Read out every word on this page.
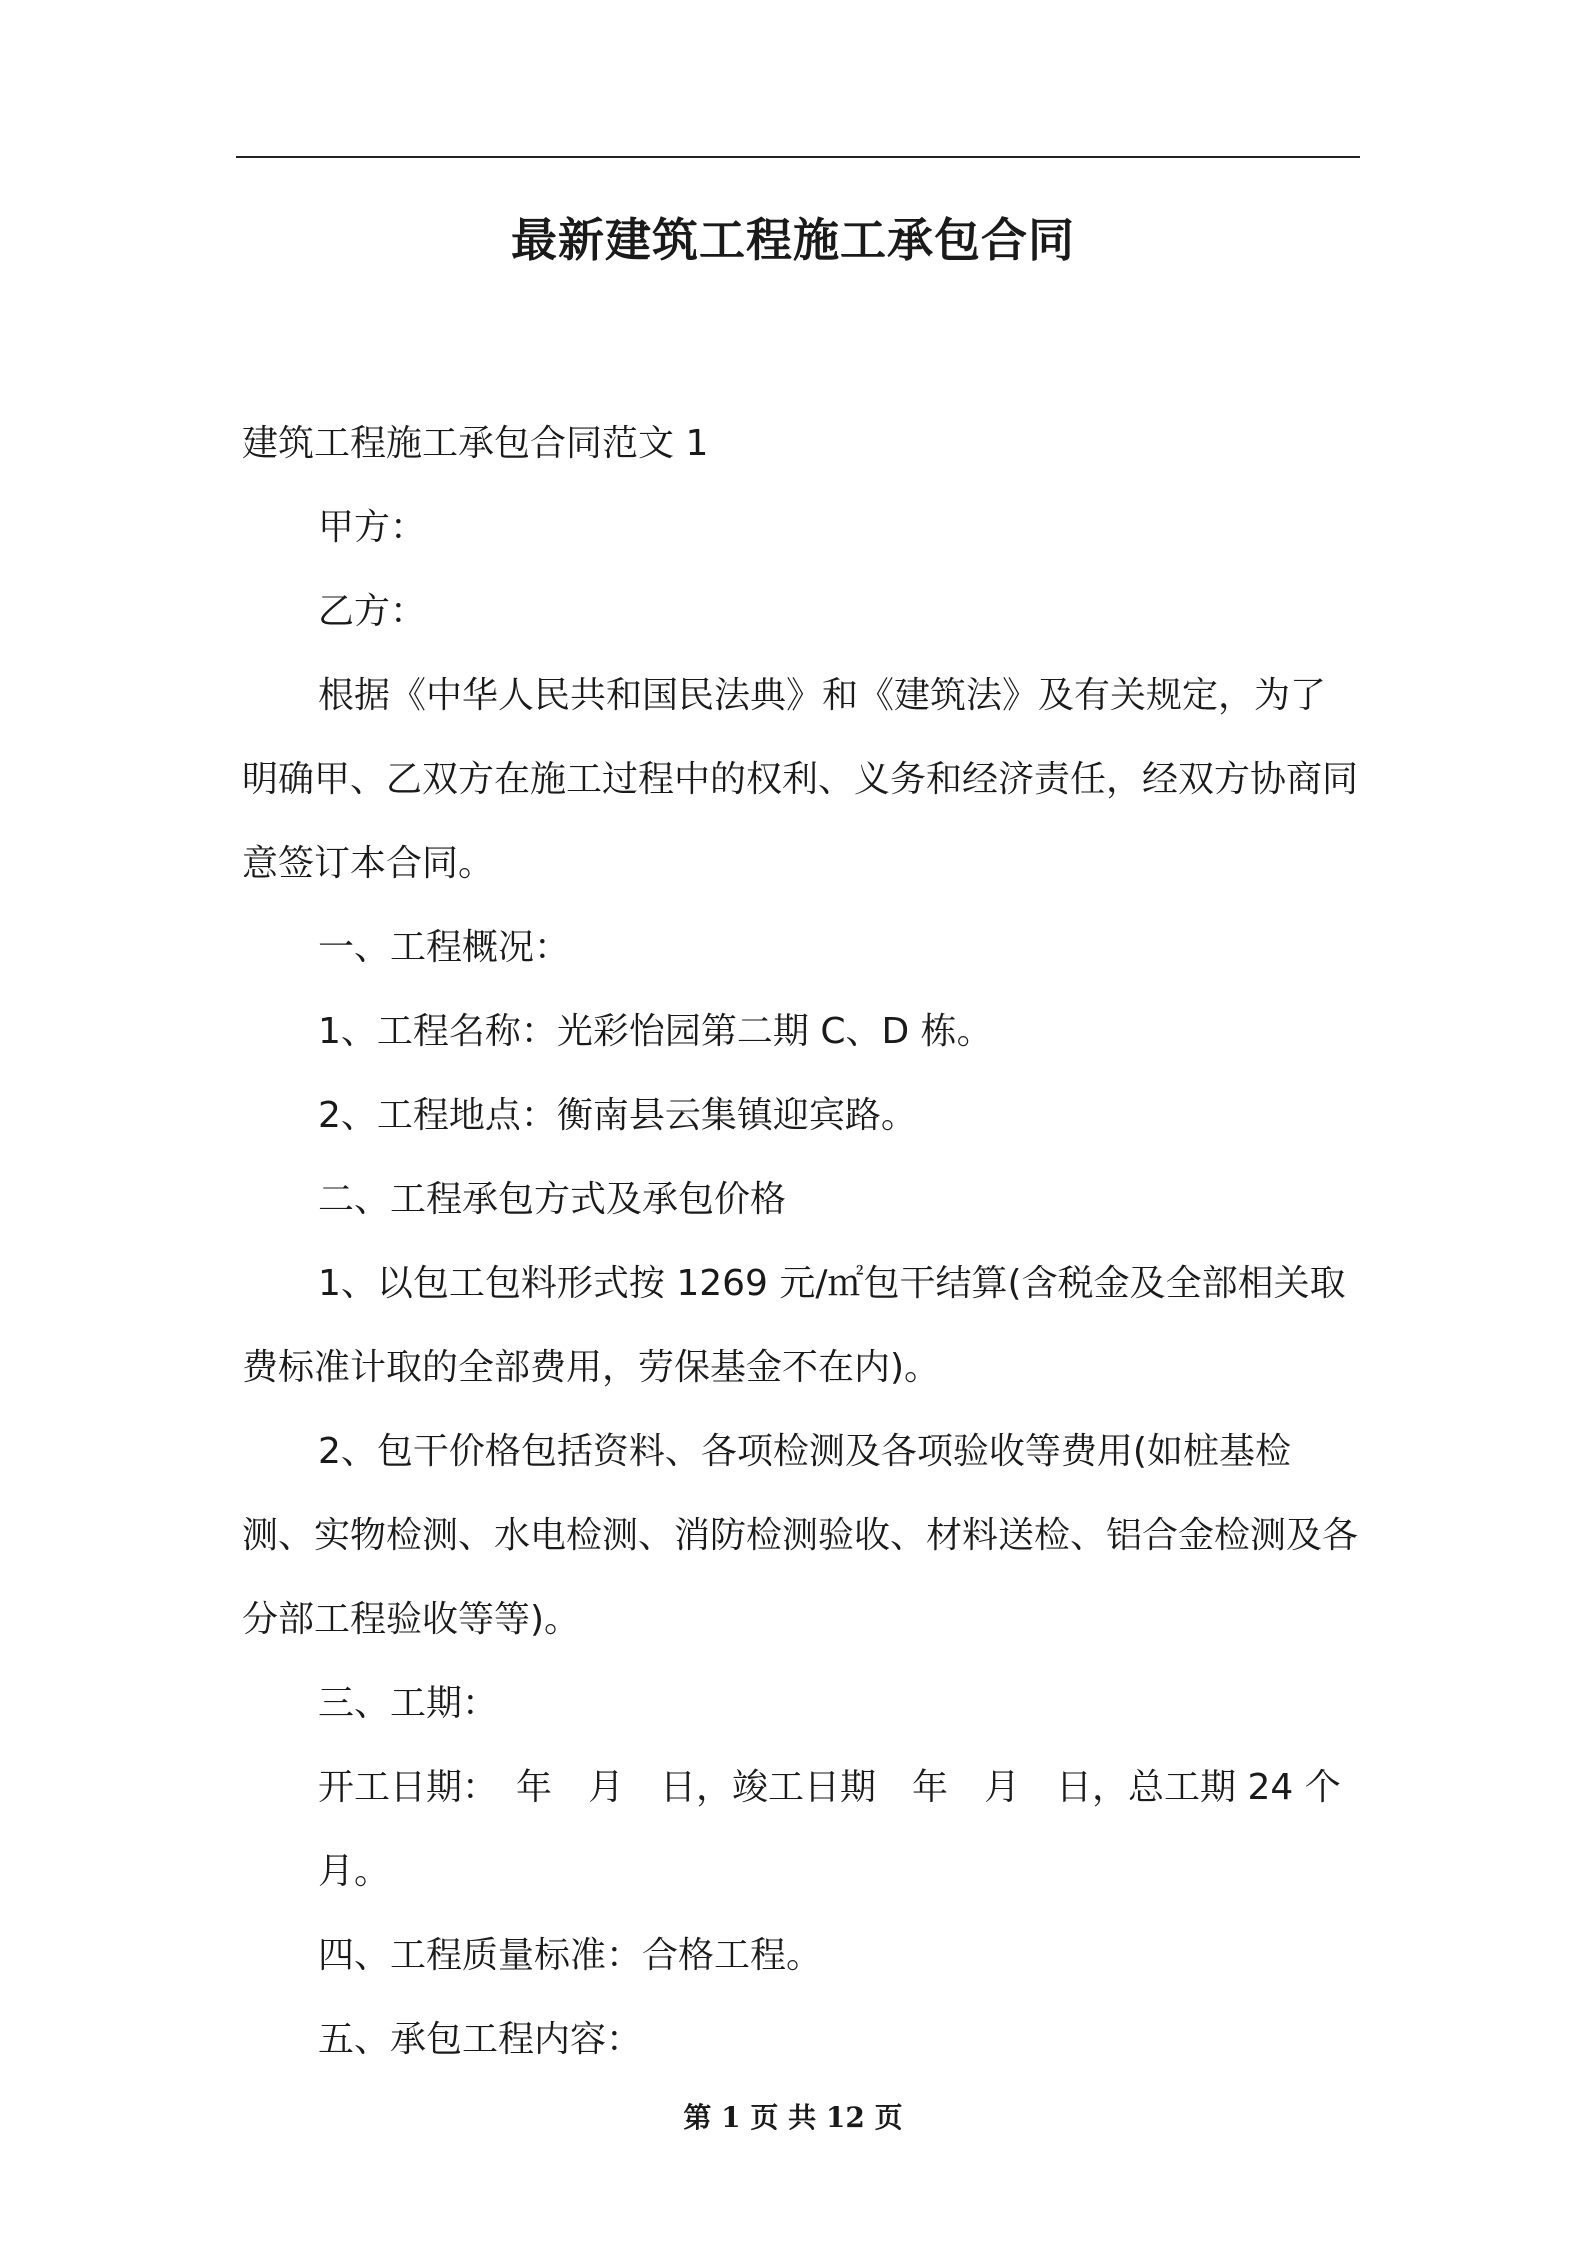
最新建筑工程施工承包合同

建筑工程施工承包合同范文 1

甲方：

乙方：

根据《中华人民共和国民法典》和《建筑法》及有关规定，为了明确甲、乙双方在施工过程中的权利、义务和经济责任，经双方协商同意签订本合同。

一、工程概况：

1、工程名称：光彩怡园第二期 C、D 栋。

2、工程地点：衡南县云集镇迎宾路。

二、工程承包方式及承包价格

1、以包工包料形式按 1269 元/㎡包干结算(含税金及全部相关取费标准计取的全部费用，劳保基金不在内)。

2、包干价格包括资料、各项检测及各项验收等费用(如桩基检测、实物检测、水电检测、消防检测验收、材料送检、铝合金检测及各分部工程验收等等)。

三、工期：

开工日期：　年　月　日，竣工日期　年　月　日，总工期 24 个月。

四、工程质量标准：合格工程。

五、承包工程内容：

第 1 页 共 12 页
